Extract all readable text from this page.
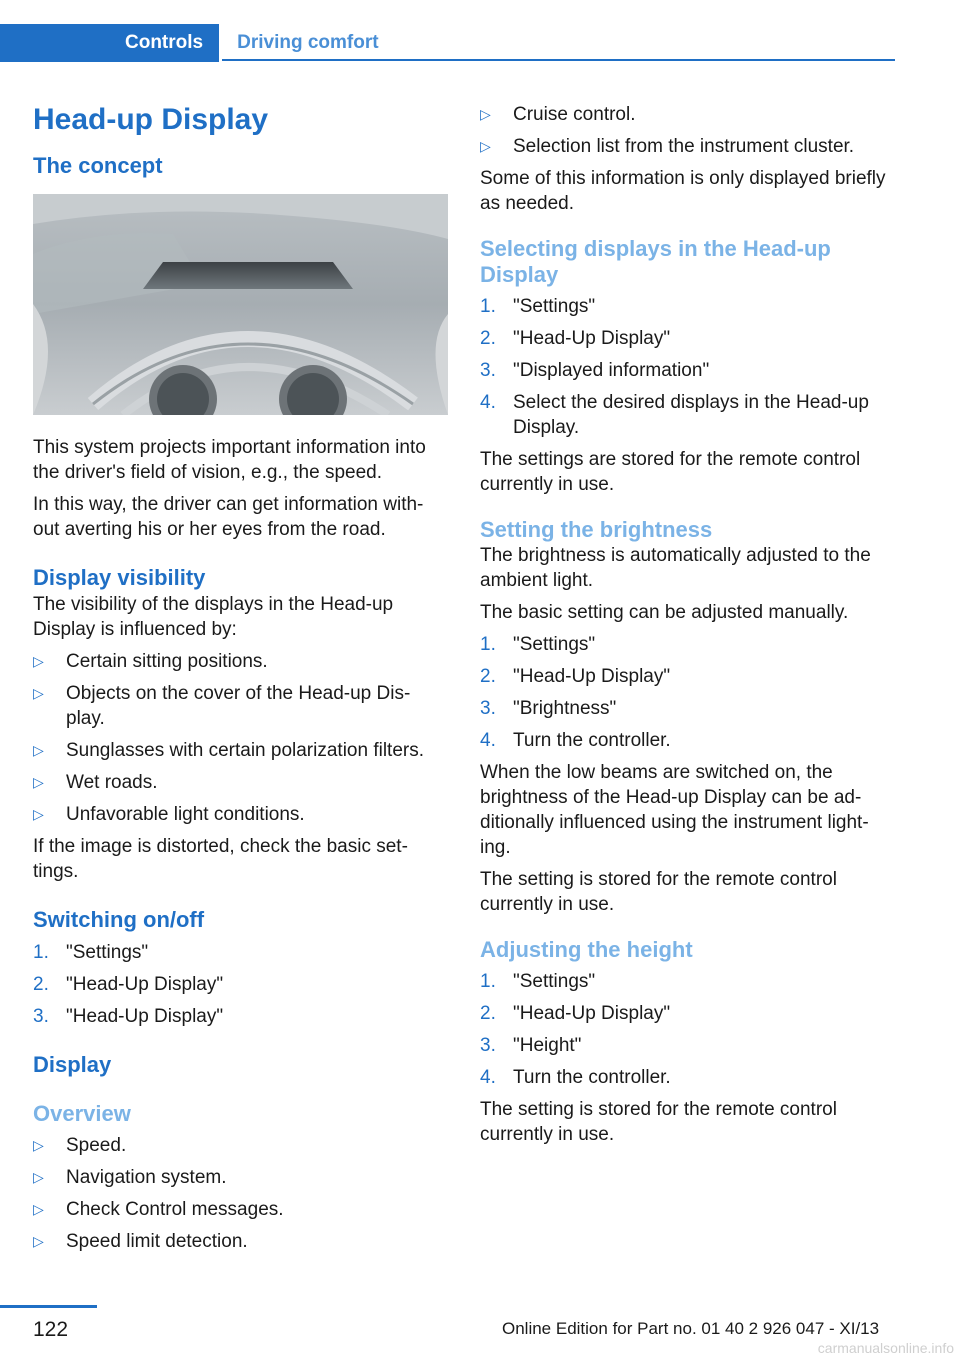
Controls	Driving comfort
Head-up Display
The concept

This system projects important information into the driver's field of vision, e.g., the speed.

In this way, the driver can get information with-out averting his or her eyes from the road.

Display visibility

The visibility of the displays in the Head-up Display is influenced by:

▷ Certain sitting positions.
▷ Objects on the cover of the Head-up Dis-play.
▷ Sunglasses with certain polarization filters.
▷ Wet roads.
▷ Unfavorable light conditions.

If the image is distorted, check the basic set-tings.

Switching on/off
1. "Settings"
2. "Head-Up Display"
3. "Head-Up Display"
Display
Overview
▷ Speed.
▷ Navigation system.
▷ Check Control messages.
▷ Speed limit detection.
▷ Cruise control.
▷ Selection list from the instrument cluster.

Some of this information is only displayed briefly as needed.

Selecting displays in the Head-up Display
1. "Settings"
2. "Head-Up Display"
3. "Displayed information"
4. Select the desired displays in the Head-up Display.

The settings are stored for the remote control currently in use.

Setting the brightness

The brightness is automatically adjusted to the ambient light.

The basic setting can be adjusted manually.

1. "Settings"
2. "Head-Up Display"
3. "Brightness"
4. Turn the controller.

When the low beams are switched on, the brightness of the Head-up Display can be ad-ditionally influenced using the instrument light-ing.

The setting is stored for the remote control currently in use.

Adjusting the height
1. "Settings"
2. "Head-Up Display"
3. "Height"
4. Turn the controller.

The setting is stored for the remote control currently in use.

122	Online Edition for Part no. 01 40 2 926 047 - XI/13
carmanualsonline.info
